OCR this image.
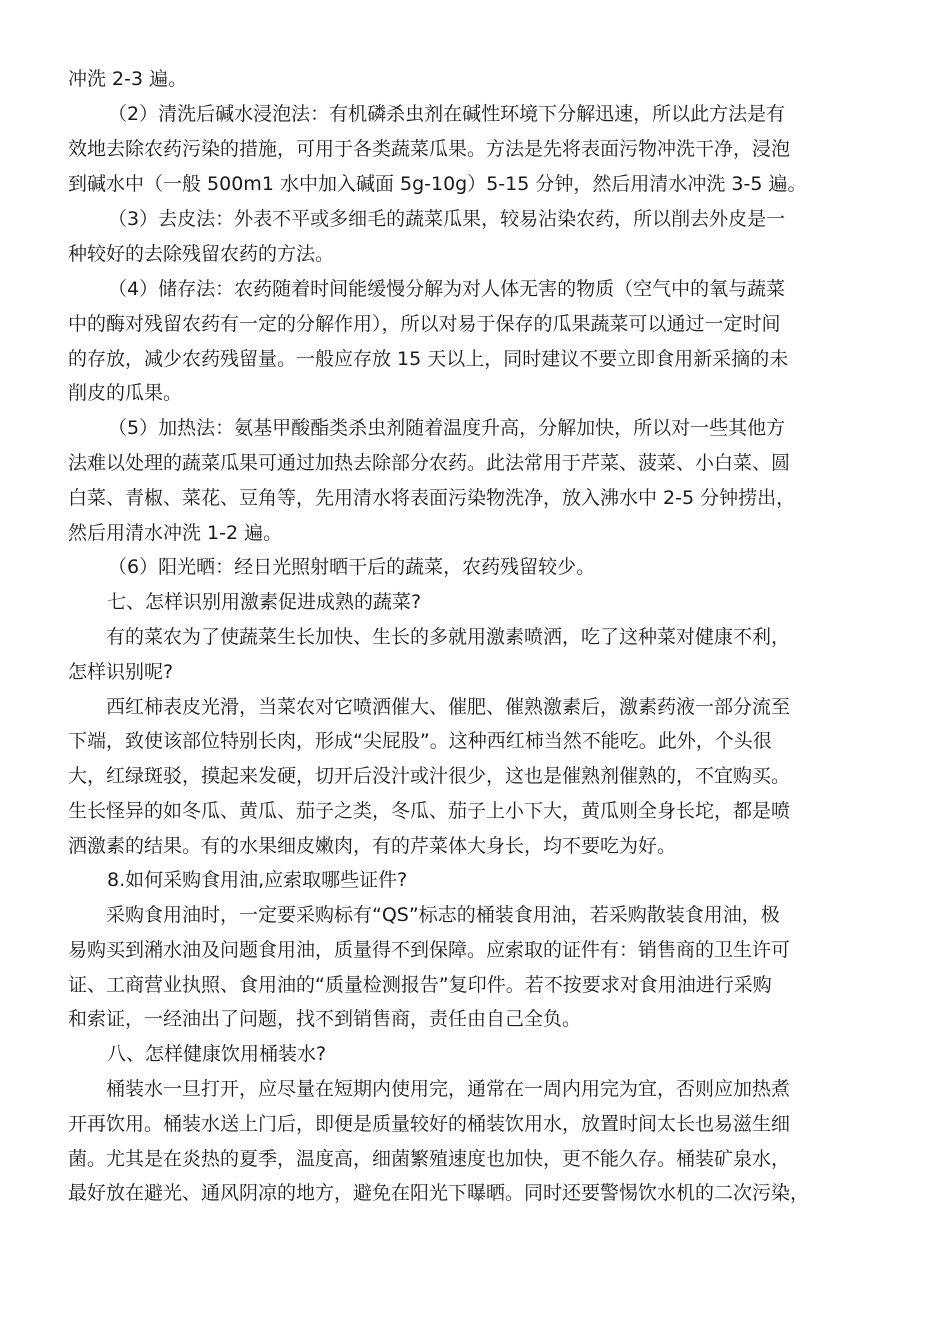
冲洗 2-3 遍。
（2）清洗后碱水浸泡法：有机磷杀虫剂在碱性环境下分解迅速，所以此方法是有
效地去除农药污染的措施，可用于各类蔬菜瓜果。方法是先将表面污物冲洗干净，浸泡
到碱水中（一般 500m1 水中加入碱面 5g-10g）5-15 分钟，然后用清水冲洗 3-5 遍。
（3）去皮法：外表不平或多细毛的蔬菜瓜果，较易沾染农药，所以削去外皮是一
种较好的去除残留农药的方法。
（4）储存法：农药随着时间能缓慢分解为对人体无害的物质（空气中的氧与蔬菜
中的酶对残留农药有一定的分解作用），所以对易于保存的瓜果蔬菜可以通过一定时间
的存放，减少农药残留量。一般应存放 15 天以上，同时建议不要立即食用新采摘的未
削皮的瓜果。
（5）加热法：氨基甲酸酯类杀虫剂随着温度升高，分解加快，所以对一些其他方
法难以处理的蔬菜瓜果可通过加热去除部分农药。此法常用于芹菜、菠菜、小白菜、圆
白菜、青椒、菜花、豆角等，先用清水将表面污染物洗净，放入沸水中 2-5 分钟捞出，
然后用清水冲洗 1-2 遍。
（6）阳光晒：经日光照射晒干后的蔬菜，农药残留较少。
七、怎样识别用激素促进成熟的蔬菜?
有的菜农为了使蔬菜生长加快、生长的多就用激素喷洒，吃了这种菜对健康不利，
怎样识别呢?
西红柿表皮光滑，当菜农对它喷洒催大、催肥、催熟激素后，激素药液一部分流至
下端，致使该部位特别长肉，形成“尖屁股”。这种西红柿当然不能吃。此外，个头很
大，红绿斑驳，摸起来发硬，切开后没汁或汁很少，这也是催熟剂催熟的，不宜购买。
生长怪异的如冬瓜、黄瓜、茄子之类，冬瓜、茄子上小下大，黄瓜则全身长坨，都是喷
洒激素的结果。有的水果细皮嫩肉，有的芹菜体大身长，均不要吃为好。
8.如何采购食用油,应索取哪些证件?
采购食用油时，一定要采购标有“QS”标志的桶装食用油，若采购散装食用油，极
易购买到潲水油及问题食用油，质量得不到保障。应索取的证件有：销售商的卫生许可
证、工商营业执照、食用油的“质量检测报告”复印件。若不按要求对食用油进行采购
和索证，一经油出了问题，找不到销售商，责任由自己全负。
八、怎样健康饮用桶装水?
桶装水一旦打开，应尽量在短期内使用完，通常在一周内用完为宜，否则应加热煮
开再饮用。桶装水送上门后，即便是质量较好的桶装饮用水，放置时间太长也易滋生细
菌。尤其是在炎热的夏季，温度高，细菌繁殖速度也加快，更不能久存。桶装矿泉水，
最好放在避光、通风阴凉的地方，避免在阳光下曝晒。同时还要警惕饮水机的二次污染，
